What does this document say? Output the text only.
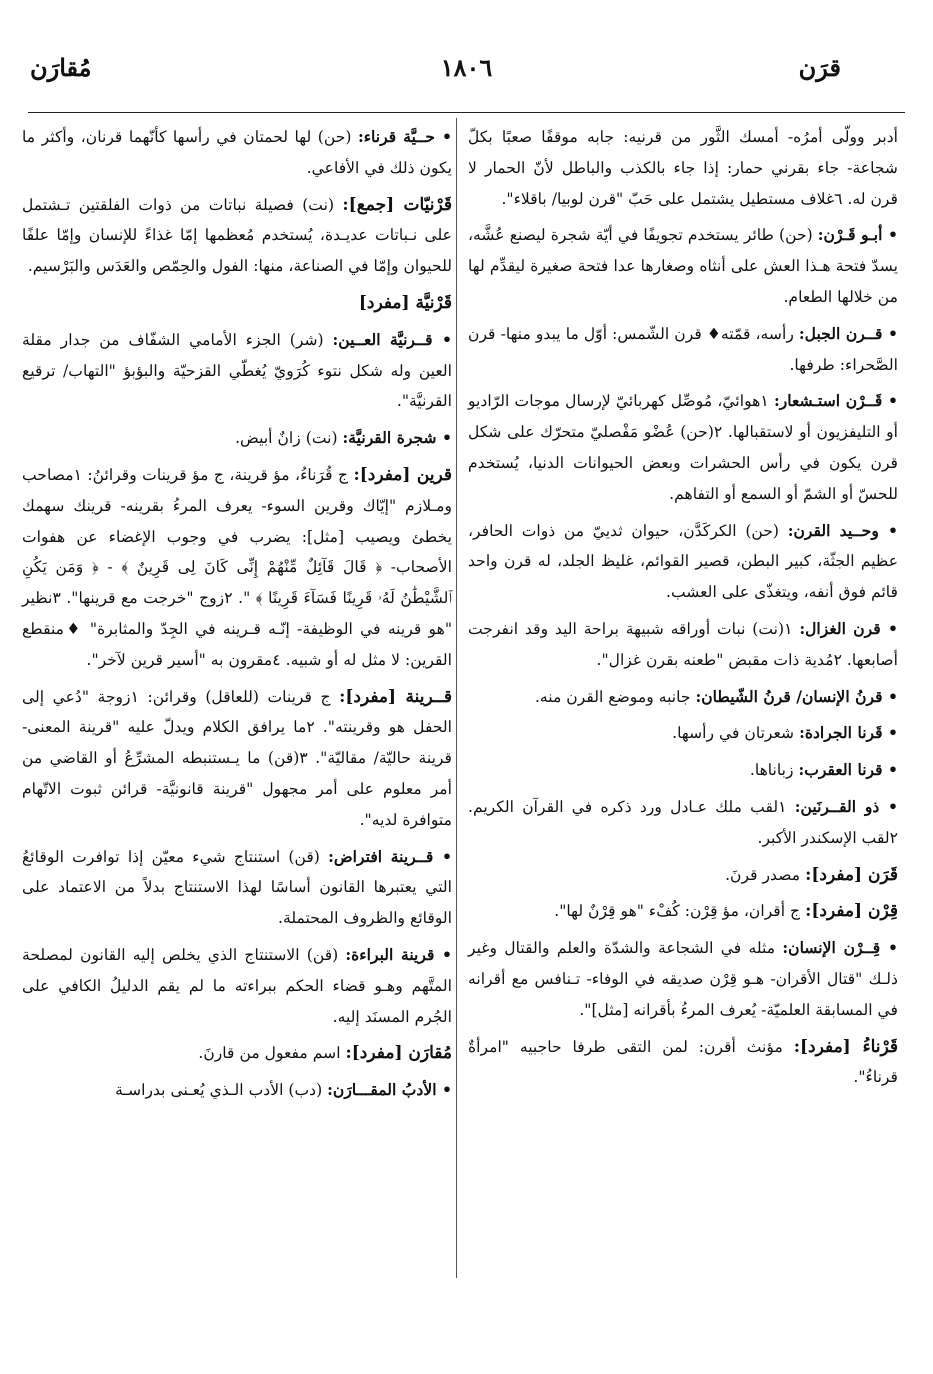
قرَن
١٨٠٦
مُقارَن

أدبر وولّى أمرُه- أمسك الثَّور من قرنيه: جابه موقفًا صعبًا بكلّ شجاعة- جاء بقرني حمار: إذا جاء بالكذب والباطل لأنّ الحمار لا قرن له. ٦غلاف مستطيل يشتمل على حَبّ "قرن لوبيا/ باقلاء".

• أبـو قَـرْن: (حن) طائر يستخدم تجويفًا في أيّة شجرة ليصنع عُشَّه، يسدّ فتحة هـذا العش على أنثاه وصغارها عدا فتحة صغيرة ليقدِّم لها من خلالها الطعام.

• قــرن الجبل: رأسه، قمّته♦ قرن الشّمس: أوّل ما يبدو منها- قرن الصَّحراء: طرفها.

• قَــرْن استـشعار: ١هوائيّ، مُوصِّل كهربائيّ لإرسال موجات الرّاديو أو التليفزيون أو لاستقبالها. ٢(حن) عُضْو مَفْصليّ متحرّك على شكل قرن يكون في رأس الحشرات وبعض الحيوانات الدنيا، يُستخدم للحسّ أو الشمّ أو السمع أو التفاهم.

• وحــيد القرن: (حن) الكركَدَّن، حيوان ثدييّ من ذوات الحافر، عظيم الجثّة، كبير البطن، قصير القوائم، غليظ الجلد، له قرن واحد قائم فوق أنفه، ويتغذّى على العشب.

• قرن الغزال: ١(نت) نبات أوراقه شبيهة براحة اليد وقد انفرجت أصابعها. ٢مُدية ذات مقبض "طعنه بقرن غزال".

• قرنُ الإنسان/ قرنُ الشّيطان: جانبه وموضع القرن منه.

• قَرنا الجرادة: شعرتان في رأسها.

• قرنا العقرب: زباناها.

• ذو القــرنَين: ١لقب ملك عـادل ورد ذكره في القرآن الكريم. ٢لقب الإسكندر الأكبر.

قَرَن [مفرد]: مصدر قرنَ.

قِرْن [مفرد]: ج أقران، مؤ قِرْن: كُفْء "هو قِرْنٌ لها".

• قِــرْن الإنسان: مثله في الشجاعة والشدّة والعلم والقتال وغير ذلـك "قتال الأقران- هـو قِرْن صديقه في الوفاء- تـنافس مع أقرانه في المسابقة العلميّة- يُعرف المرءُ بأقرانه [مثل]".

قَرْناءُ [مفرد]: مؤنث أقرن: لمن التقى طرفا حاجبيه "امرأةٌ قرناءُ".

• حــيَّة قرناء: (حن) لها لحمتان في رأسها كأنّهما قرنان، وأكثر ما يكون ذلك في الأفاعي.

قَرْنيّات [جمع]: (نت) فصيلة نباتات من ذوات الفلقتين تـشتمل على نـباتات عديـدة، يُستخدم مُعظمها إمّا غذاءً للإنسان وإمّا علفًا للحيوان وإمّا في الصناعة، منها: الفول والحِمّص والعَدَس والبَرْسيم.

قَرْنيَّة [مفرد]

• قــرنيَّة العــين: (شر) الجزء الأمامي الشفّاف من جدار مقلة العين وله شكل نتوء كُرَويّ يُغطّي القزحيّة والبؤبؤ "التهاب/ ترقيع القرنيَّة".

• شجرة القرنيَّة: (نت) زانٌ أبيض.

قرين [مفرد]: ج قُرَناءُ، مؤ قرينة، ج مؤ قرينات وقرائنُ: ١مصاحب ومـلازم "إيّاك وقرين السوء- يعرف المرءُ بقرينه- قرينك سهمك يخطئ ويصيب [مثل]: يضرب في وجوب الإغضاء عن هفوات الأصحاب- ﴿ قَالَ قَآئِلٌ مِّنْهُمْ إِنِّى كَانَ لِى قَرِينٌ ﴾ - ﴿ وَمَن يَكُنِ ٱلشَّيْطَٰنُ لَهُۥ قَرِينًا فَسَآءَ قَرِينًا ﴾ ". ٢زوج "خرجت مع قرينها". ٣نظير "هو قرينه في الوظيفة- إنّـه قـرينه في الجِدّ والمثابرة" ♦منقطع القرين: لا مثل له أو شبيه. ٤مقرون به "أسير قرين لآخر".

قــرينة [مفرد]: ج قرينات (للعاقل) وقرائن: ١زوجة "دُعي إلى الحفل هو وقرينته". ٢ما يرافق الكلام ويدلّ عليه "قرينة المعنى- قرينة حاليّة/ مقاليّة". ٣(قن) ما يـستنبطه المشرِّعُ أو القاضي من أمر معلوم على أمر مجهول "قرينة قانونيَّة- قرائن ثبوت الاتّهام متوافرة لديه".

• قــرينة افتراض: (قن) استنتاج شيء معيّن إذا توافرت الوقائعُ التي يعتبرها القانون أساسًا لهذا الاستنتاج بدلاً من الاعتماد على الوقائع والظروف المحتملة.

• قرينة البراءة: (قن) الاستنتاج الذي يخلص إليه القانون لمصلحة المتَّهم وهـو قضاء الحكم ببراءته ما لم يقم الدليلُ الكافي على الجُرم المسنَد إليه.

مُقارَن [مفرد]: اسم مفعول من قارنَ.

• الأدبُ المقـــارَن: (دب) الأدب الـذي يُعـنى بدراسـة
